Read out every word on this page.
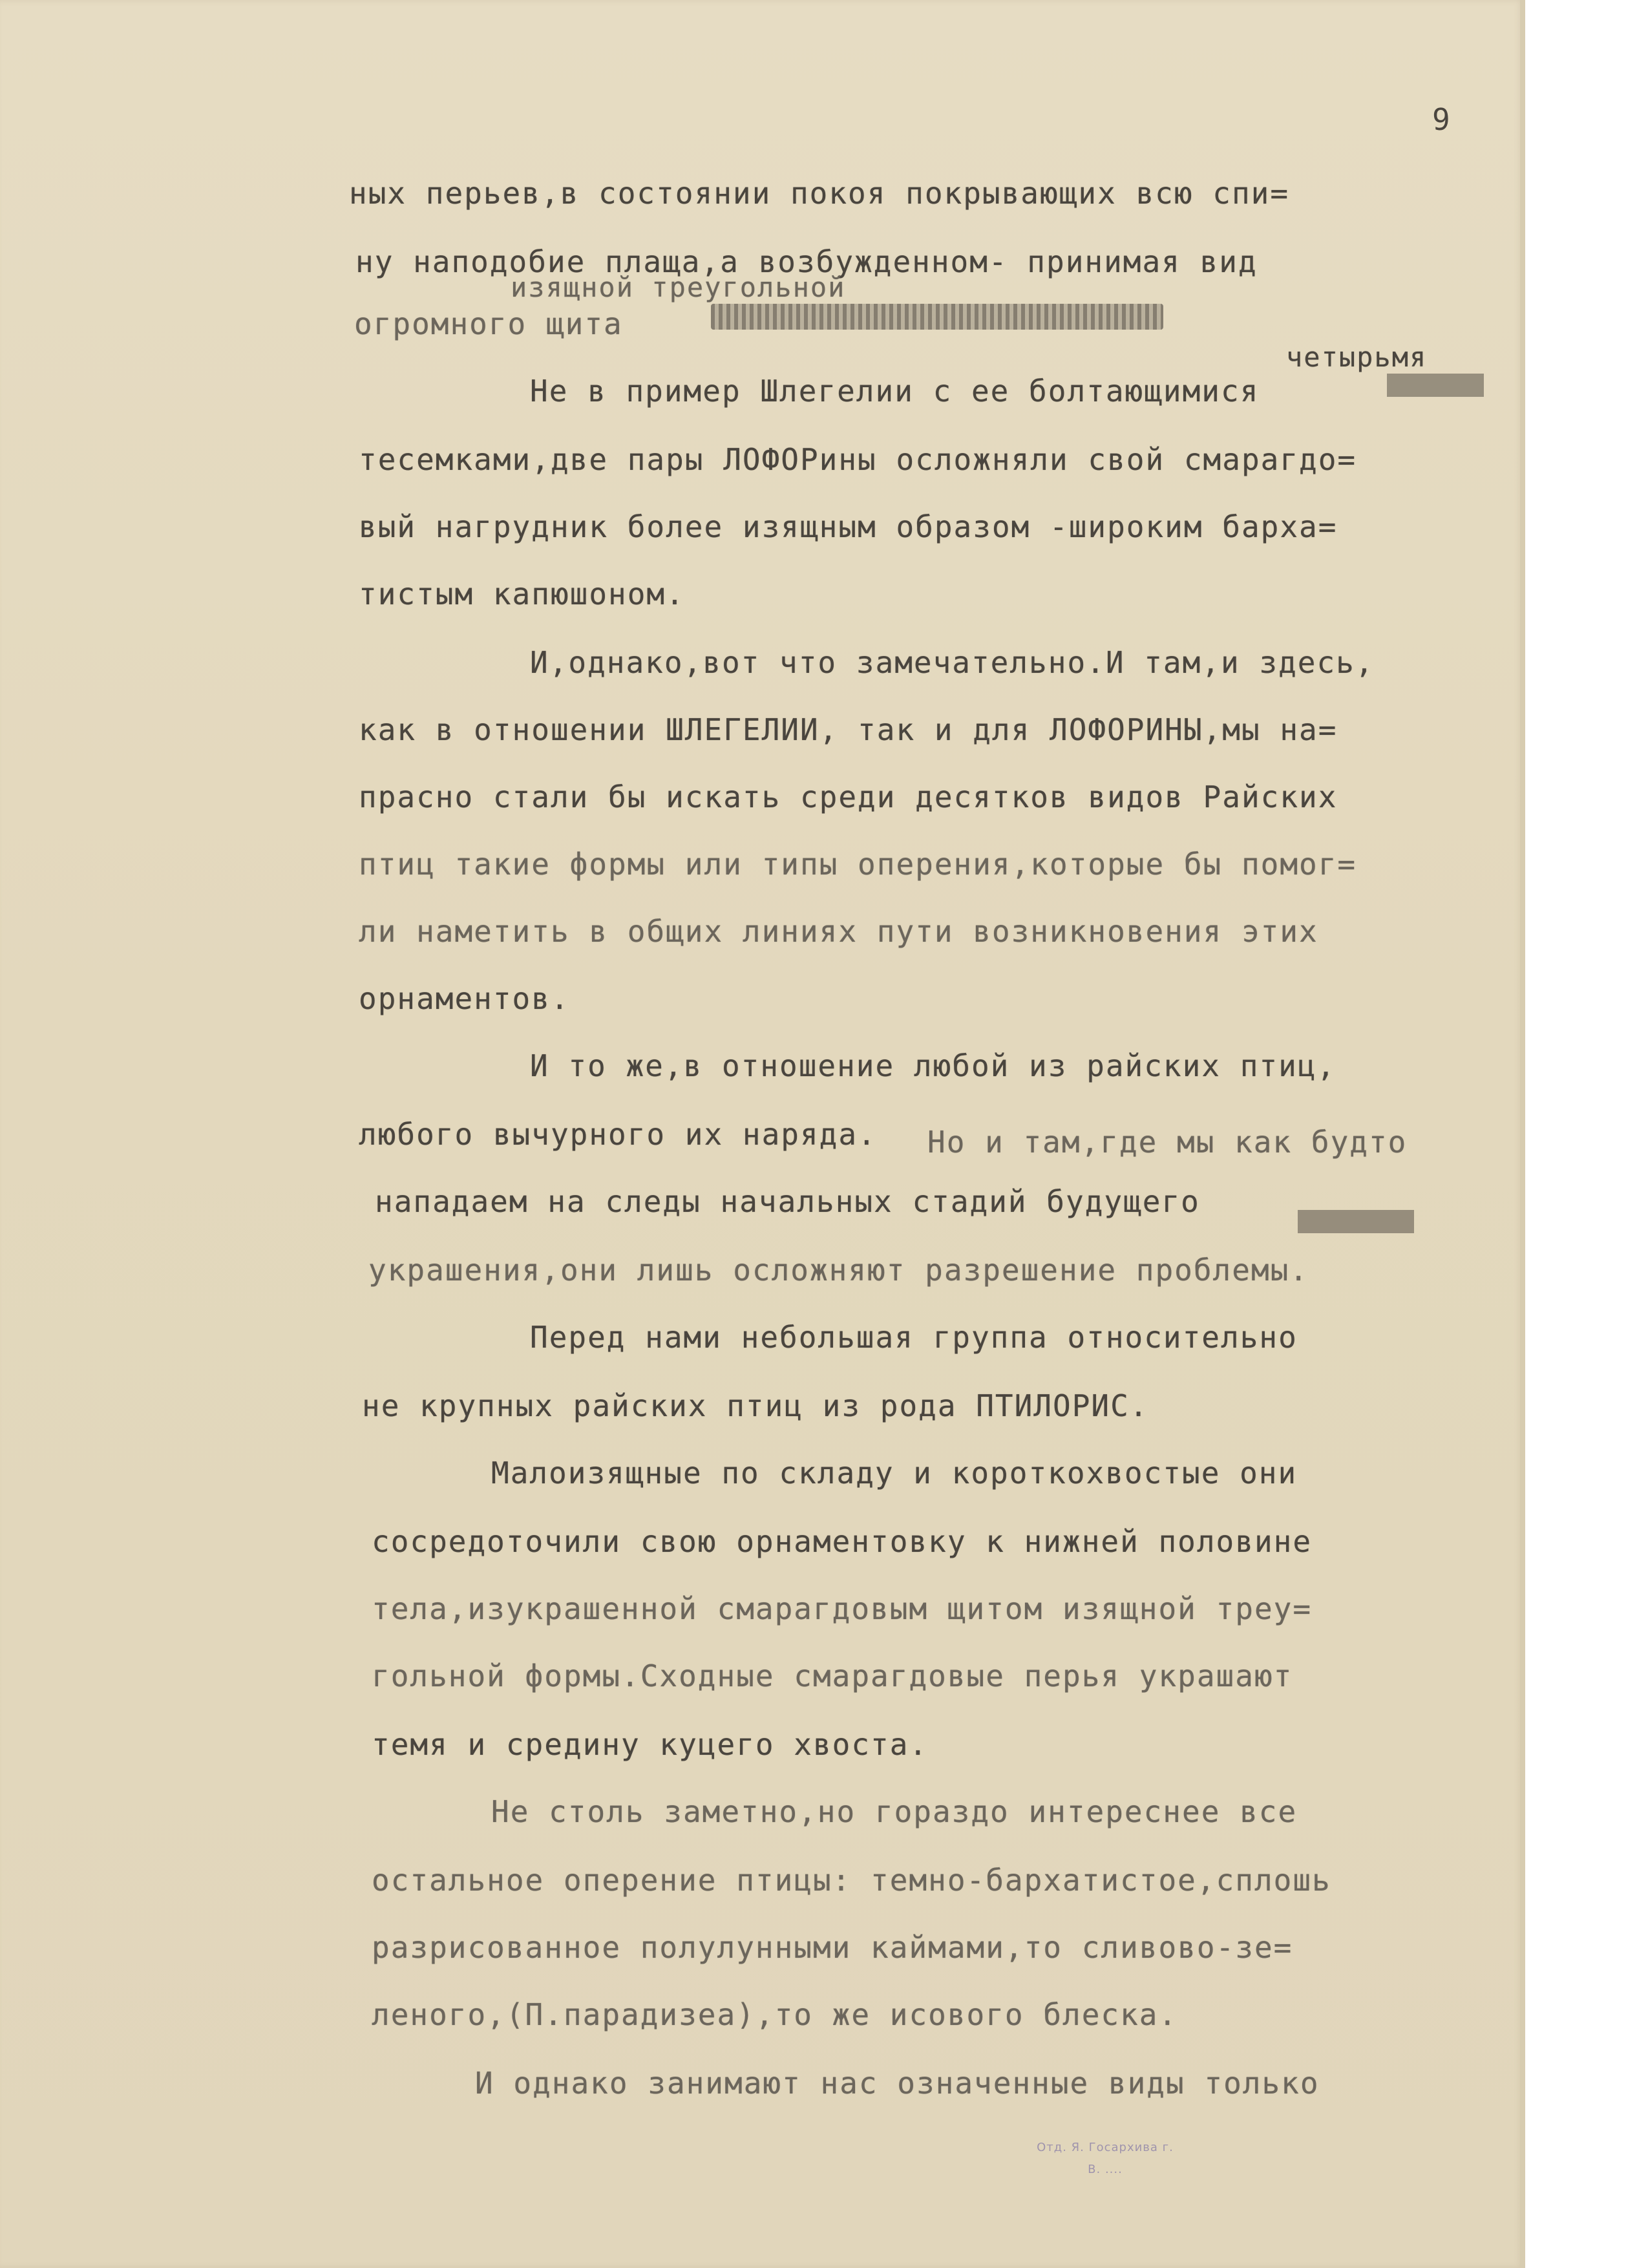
9
ных перьев,в состоянии покоя покрывающих всю спи=
ну наподобие плаща,а возбужденном- принимая вид
изящной треугольной
огромного щита
четырьмя
Не в пример Шлегелии с ее болтающимися
тесемками,две пары ЛОФОРины осложняли свой смарагдо=
вый нагрудник более изящным образом -широким барха=
тистым капюшоном.
И,однако,вот что замечательно.И там,и здесь,
как в отношении ШЛЕГЕЛИИ, так и для ЛОФОРИНЫ,мы на=
прасно стали бы искать среди десятков видов Райских
птиц такие формы или типы оперения,которые бы помог=
ли наметить в общих линиях пути возникновения этих
орнаментов.
И то же,в отношение любой из райских птиц,
любого вычурного их наряда. Но и там,где мы как будто
нападаем на следы начальных стадий будущего
украшения,они лишь осложняют разрешение проблемы.
Перед нами небольшая группа относительно
не крупных райских птиц из рода ПТИЛОРИС.
Малоизящные по складу и короткохвостые они
сосредоточили свою орнаментовку к нижней половине
тела,изукрашенной смарагдовым щитом изящной треу=
гольной формы.Сходные смарагдовые перья украшают
темя и средину куцего хвоста.
Не столь заметно,но гораздо интереснее все
остальное оперение птицы: темно-бархатистое,сплошь
разрисованное полулунными каймами,то сливово-зе=
леного,(П.парадизеа),то же исового блеска.
И однако занимают нас означенные виды только
Отд. Я. Госархива г.
В. ....
